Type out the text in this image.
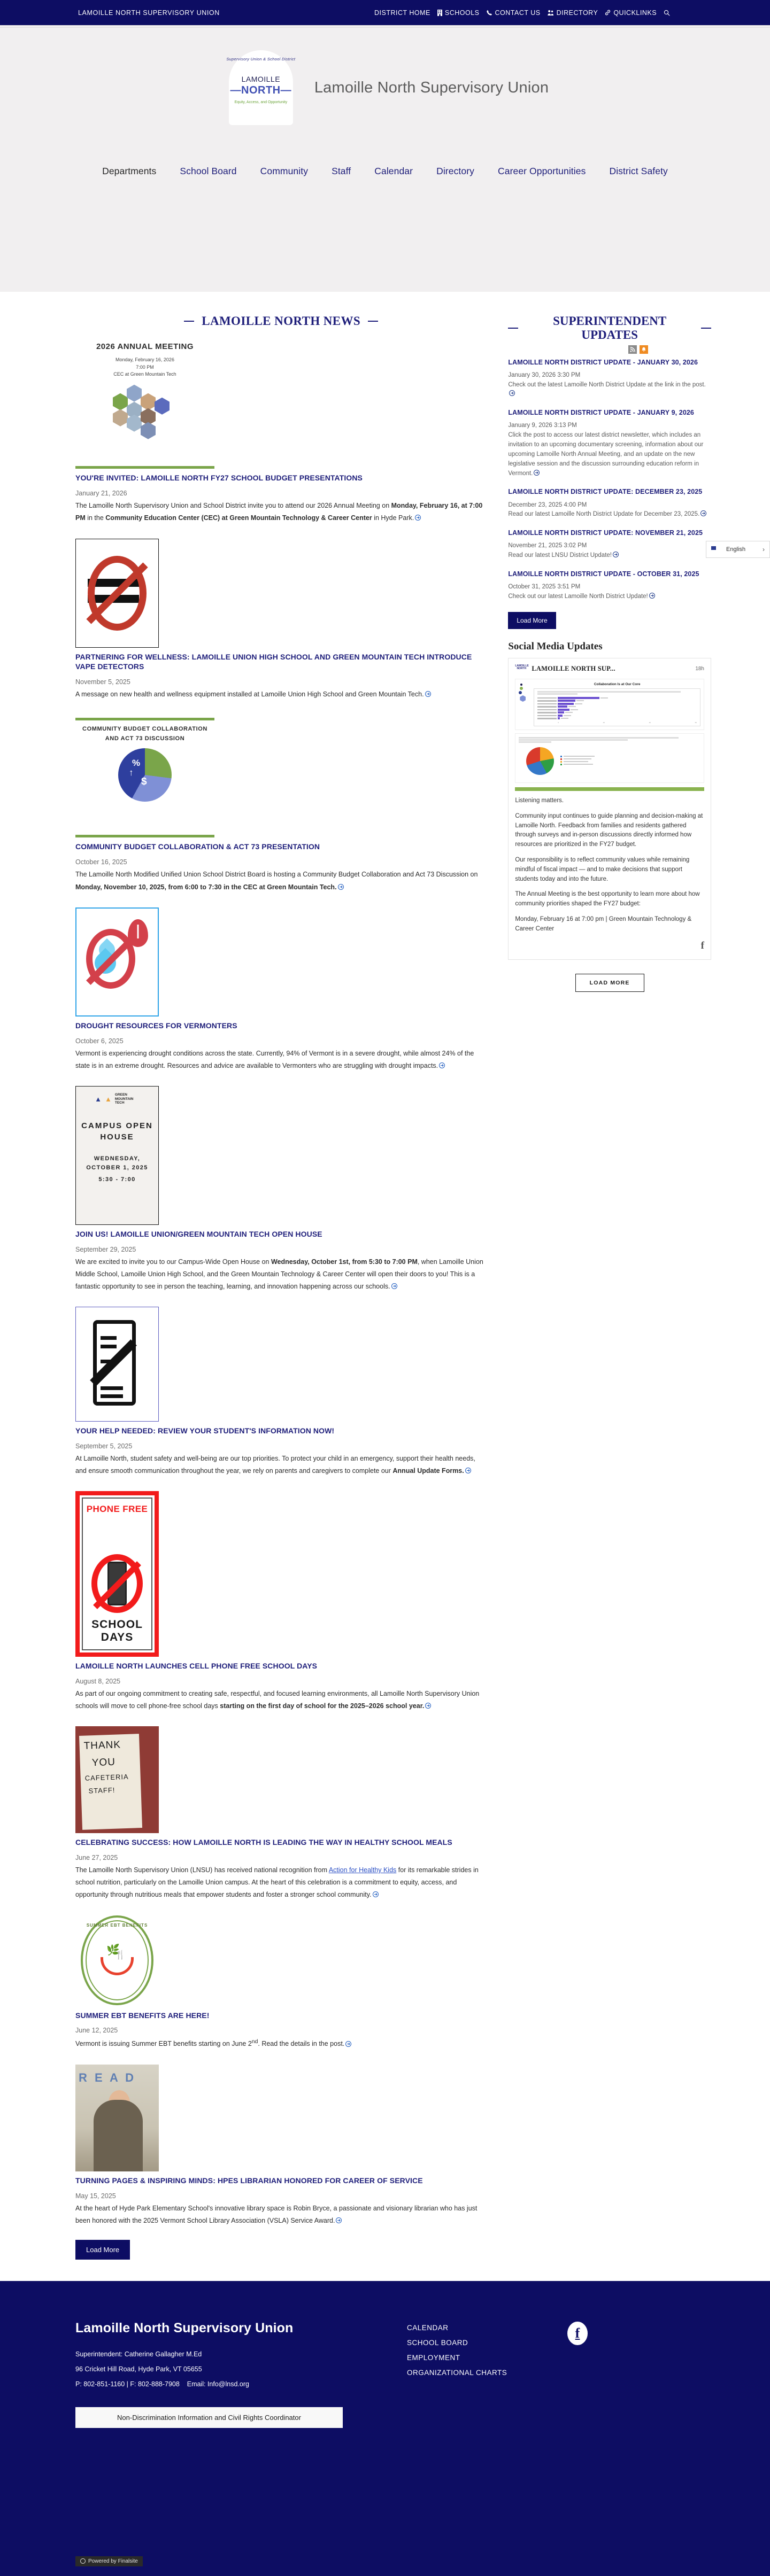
LAMOILLE NORTH SUPERVISORY UNION	DISTRICT HOME SCHOOLS CONTACT US DIRECTORY QUICKLINKS
Supervisory Union & School District
LAMOILLE
—NORTH—
Equity, Access, and Opportunity
Lamoille North Supervisory Union
Departments	School Board	Community	Staff	Calendar	Directory	Career Opportunities	District Safety
LAMOILLE NORTH NEWS
2026 ANNUAL MEETING
Monday, February 16, 2026
7:00 PM
CEC at Green Mountain Tech
YOU'RE INVITED: LAMOILLE NORTH FY27 SCHOOL BUDGET PRESENTATIONS
January 21, 2026
The Lamoille North Supervisory Union and School District invite you to attend our 2026 Annual Meeting on Monday, February 16, at 7:00 PM in the Community Education Center (CEC) at Green Mountain Technology & Career Center in Hyde Park.
PARTNERING FOR WELLNESS: LAMOILLE UNION HIGH SCHOOL AND GREEN MOUNTAIN TECH INTRODUCE VAPE DETECTORS
November 5, 2025
A message on new health and wellness equipment installed at Lamoille Union High School and Green Mountain Tech.
COMMUNITY BUDGET COLLABORATION AND ACT 73 DISCUSSION
%
$
↑
COMMUNITY BUDGET COLLABORATION & ACT 73 PRESENTATION
October 16, 2025
The Lamoille North Modified Unified Union School District Board is hosting a Community Budget Collaboration and Act 73 Discussion on Monday, November 10, 2025, from 6:00 to 7:30 in the CEC at Green Mountain Tech.
DROUGHT RESOURCES FOR VERMONTERS
October 6, 2025
Vermont is experiencing drought conditions across the state. Currently, 94% of Vermont is in a severe drought, while almost 24% of the state is in an extreme drought. Resources and advice are available to Vermonters who are struggling with drought impacts.
▲ ▲
GREEN MOUNTAIN TECH
CAMPUS OPEN HOUSE
WEDNESDAY, OCTOBER 1, 2025
5:30 - 7:00
JOIN US! LAMOILLE UNION/GREEN MOUNTAIN TECH OPEN HOUSE
September 29, 2025
We are excited to invite you to our Campus-Wide Open House on Wednesday, October 1st, from 5:30 to 7:00 PM, when Lamoille Union Middle School, Lamoille Union High School, and the Green Mountain Technology & Career Center will open their doors to you! This is a fantastic opportunity to see in person the teaching, learning, and innovation happening across our schools.
YOUR HELP NEEDED: REVIEW YOUR STUDENT'S INFORMATION NOW!
September 5, 2025
At Lamoille North, student safety and well-being are our top priorities. To protect your child in an emergency, support their health needs, and ensure smooth communication throughout the year, we rely on parents and caregivers to complete our Annual Update Forms.
PHONE FREE
SCHOOL DAYS
LAMOILLE NORTH LAUNCHES CELL PHONE FREE SCHOOL DAYS
August 8, 2025
As part of our ongoing commitment to creating safe, respectful, and focused learning environments, all Lamoille North Supervisory Union schools will move to cell phone-free school days starting on the first day of school for the 2025–2026 school year.
THANK
YOU
CAFETERIA
STAFF!
CELEBRATING SUCCESS: HOW LAMOILLE NORTH IS LEADING THE WAY IN HEALTHY SCHOOL MEALS
June 27, 2025
The Lamoille North Supervisory Union (LNSU) has received national recognition from Action for Healthy Kids for its remarkable strides in school nutrition, particularly on the Lamoille Union campus. At the heart of this celebration is a commitment to equity, access, and opportunity through nutritious meals that empower students and foster a stronger school community.
SUMMER EBT BENEFITS
🌿
🍴
SUMMER EBT BENEFITS ARE HERE!
June 12, 2025
Vermont is issuing Summer EBT benefits starting on June 2nd. Read the details in the post.
R E A D
TURNING PAGES & INSPIRING MINDS: HPES LIBRARIAN HONORED FOR CAREER OF SERVICE
May 15, 2025
At the heart of Hyde Park Elementary School's innovative library space is Robin Bryce, a passionate and visionary librarian who has just been honored with the 2025 Vermont School Library Association (VSLA) Service Award.
Load More
SUPERINTENDENT UPDATES
LAMOILLE NORTH DISTRICT UPDATE - JANUARY 30, 2026
January 30, 2026 3:30 PM
Check out the latest Lamoille North District Update at the link in the post.
LAMOILLE NORTH DISTRICT UPDATE - JANUARY 9, 2026
January 9, 2026 3:13 PM
Click the post to access our latest district newsletter, which includes an invitation to an upcoming documentary screening, information about our upcoming Lamoille North Annual Meeting, and an update on the new legislative session and the discussion surrounding education reform in Vermont.
LAMOILLE NORTH DISTRICT UPDATE: DECEMBER 23, 2025
December 23, 2025 4:00 PM
Read our latest Lamoille North District Update for December 23, 2025.
LAMOILLE NORTH DISTRICT UPDATE: NOVEMBER 21, 2025
November 21, 2025 3:02 PM
Read our latest LNSU District Update!
LAMOILLE NORTH DISTRICT UPDATE - OCTOBER 31, 2025
October 31, 2025 3:51 PM
Check out our latest Lamoille North District Update!
Load More
Social Media Updates
LAMOILLE
NORTH LAMOILLE NORTH SUP...	18h
Collaboration Is at Our Core
0	20	40	60

Listening matters.

Community input continues to guide planning and decision-making at Lamoille North. Feedback from families and residents gathered through surveys and in-person discussions directly informed how resources are prioritized in the FY27 budget.

Our responsibility is to reflect community values while remaining mindful of fiscal impact — and to make decisions that support students today and into the future.

The Annual Meeting is the best opportunity to learn more about how community priorities shaped the FY27 budget:

Monday, February 16 at 7:00 pm | Green Mountain Technology & Career Center

f
LOAD MORE
English	›
Lamoille North Supervisory Union
Superintendent: Catherine Gallagher M.Ed
96 Cricket Hill Road, Hyde Park, VT 05655
P: 802-851-1160 | F: 802-888-7908 Email: Info@lnsd.org
Non-Discrimination Information and Civil Rights Coordinator
CALENDAR
SCHOOL BOARD
EMPLOYMENT
ORGANIZATIONAL CHARTS
f
Powered by Finalsite
